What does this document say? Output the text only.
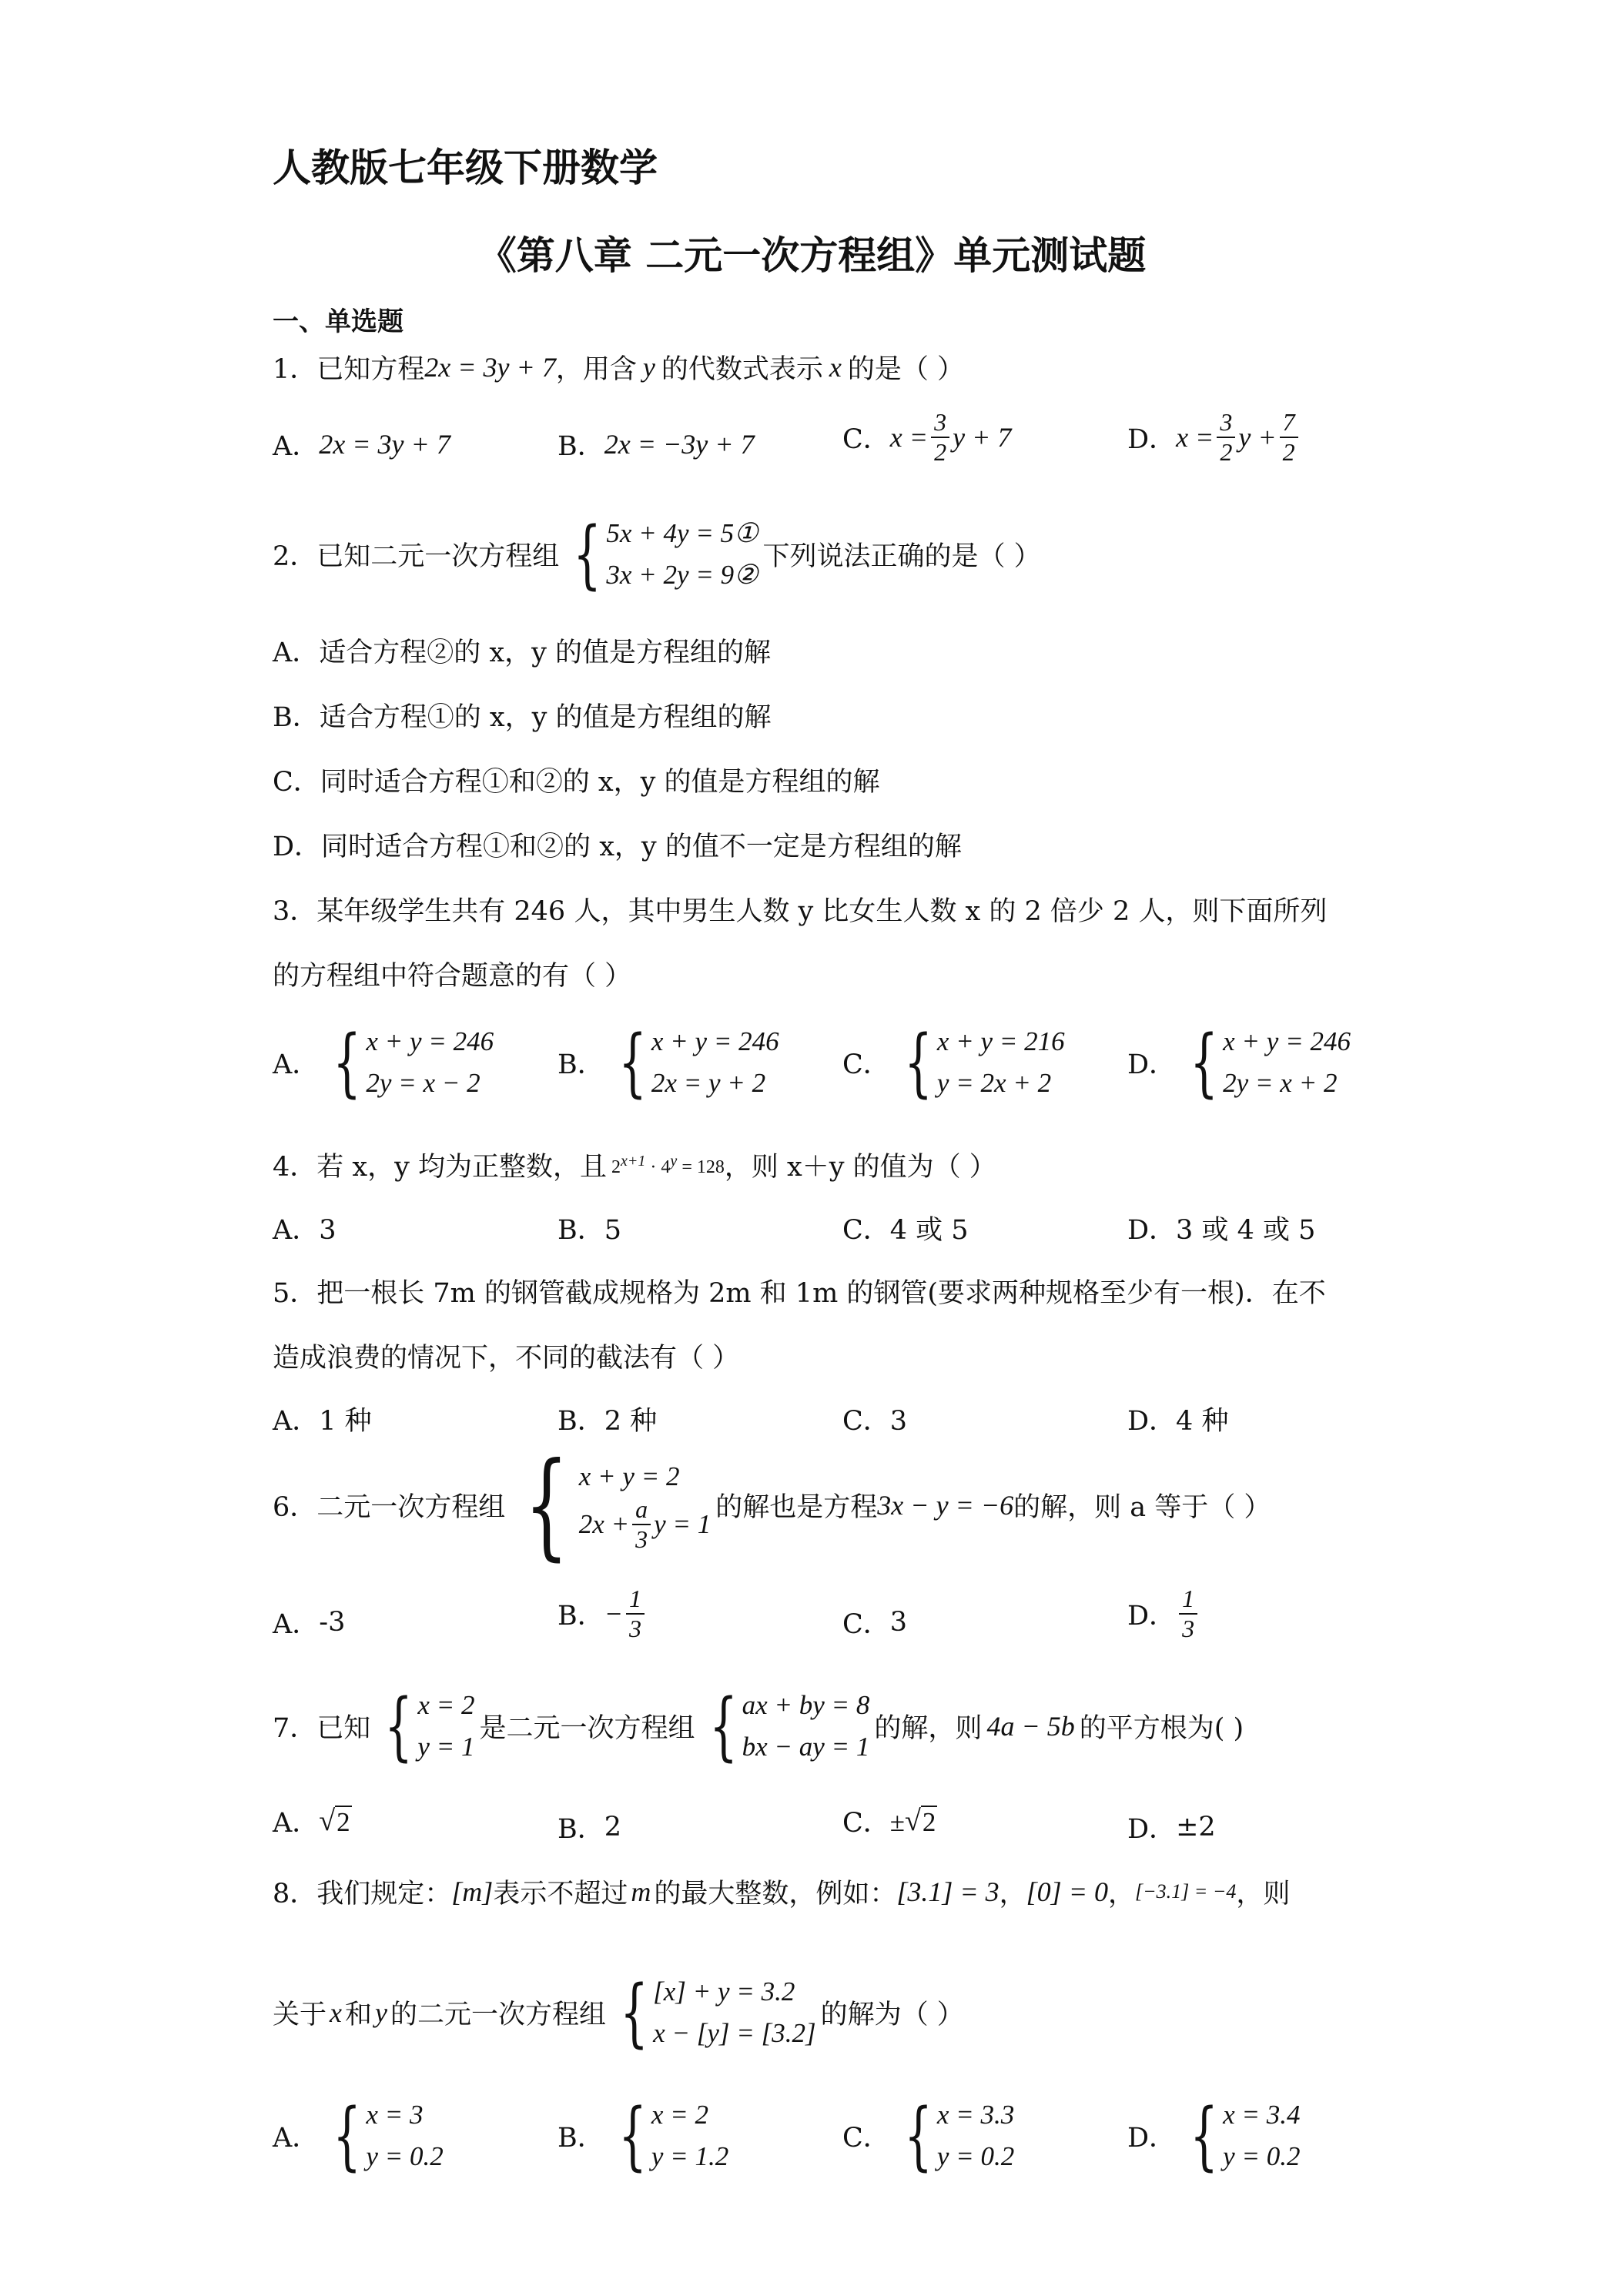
人教版七年级下册数学
《第八章 二元一次方程组》单元测试题
一、单选题
1．已知方程 2x = 3y + 7 ，用含 y 的代数式表示 x 的是（ ）
A． 2x = 3y + 7	B． 2x = −3y + 7	C． $x = \frac{3}{2}$ y + 7	D． $x = \frac{3}{2}$ $y + \frac{7}{2}$
2．已知二元一次方程组 { 5x + 4y = 5①
3x + 2y = 9②
下列说法正确的是（ ）
A．适合方程②的 x，y 的值是方程组的解
B．适合方程①的 x，y 的值是方程组的解
C．同时适合方程①和②的 x，y 的值是方程组的解
D．同时适合方程①和②的 x，y 的值不一定是方程组的解
3．某年级学生共有 246 人，其中男生人数 y 比女生人数 x 的 2 倍少 2 人，则下面所列
的方程组中符合题意的有（ ）
A． { x + y = 246
2y = x − 2
B． { x + y = 246
2x = y + 2
C． { x + y = 216
y = 2x + 2
D． { x + y = 246
2y = x + 2
4．若 x，y 均为正整数，且 $2^{x+1} \cdot 4^y = 128$ ，则 x＋y 的值为（ ）
A．3	B．5	C．4 或 5	D．3 或 4 或 5
5．把一根长 7m 的钢管截成规格为 2m 和 1m 的钢管(要求两种规格至少有一根)．在不
造成浪费的情况下，不同的截法有（ ）
A．1 种	B．2 种	C．3	D．4 种
6．二元一次方程组 { x + y = 2
$2x + \frac{a}{3}$ y = 1
的解也是方程 3x − y = −6 的解，则 a 等于（ ）
A． -3	B． − $\frac{1}{3}$	C． 3	D． $\frac{1}{3}$
7．已知 { x = 2
y = 1
是二元一次方程组 { ax + by = 8
bx − ay = 1
的解，则 4a − 5b 的平方根为( )
A． √ 2	B． 2	C． ± √ 2	D． ±2
8．我们规定： [m] 表示不超过 m 的最大整数，例如： [3.1] = 3 ， [0] = 0 ， [−3.1] = −4 ，则
关于 x 和 y 的二元一次方程组 { [x] + y = 3.2
x − [y] = [3.2]
的解为（ ）
A． { x = 3
y = 0.2
B． { x = 2
y = 1.2
C． { x = 3.3
y = 0.2
D． { x = 3.4
y = 0.2
